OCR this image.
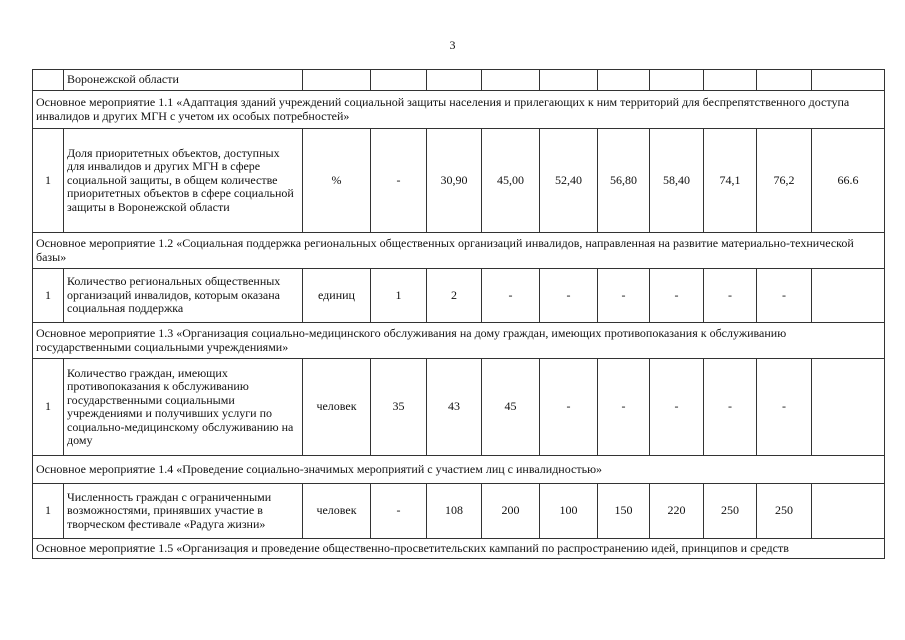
3
	Воронежской области										
Основное мероприятие 1.1 «Адаптация зданий учреждений социальной защиты населения и прилегающих к ним территорий для беспрепятственного доступа инвалидов и других МГН с учетом их особых потребностей»											
1	Доля приоритетных объектов, доступных для инвалидов и других МГН в сфере социальной защиты, в общем количестве приоритетных объектов в сфере социальной защиты в Воронежской области	%	-	30,90	45,00	52,40	56,80	58,40	74,1	76,2	66.6
Основное мероприятие 1.2 «Социальная поддержка региональных общественных организаций инвалидов, направленная на развитие материально-технической базы»											
1	Количество региональных общественных организаций инвалидов, которым оказана социальная поддержка	единиц	1	2	-	-	-	-	-	-	
Основное мероприятие 1.3 «Организация социально-медицинского обслуживания на дому граждан, имеющих противопоказания к обслуживанию государственными социальными учреждениями»											
1	Количество граждан, имеющих противопоказания к обслуживанию государственными социальными учреждениями и получивших услуги по социально-медицинскому обслуживанию на дому	человек	35	43	45	-	-	-	-	-	
Основное мероприятие 1.4 «Проведение социально-значимых мероприятий с участием лиц с инвалидностью»											
1	Численность граждан с ограниченными возможностями, принявших участие в творческом фестивале «Радуга жизни»	человек	-	108	200	100	150	220	250	250	
Основное мероприятие 1.5 «Организация и проведение общественно-просветительских кампаний по распространению идей, принципов и средств											
